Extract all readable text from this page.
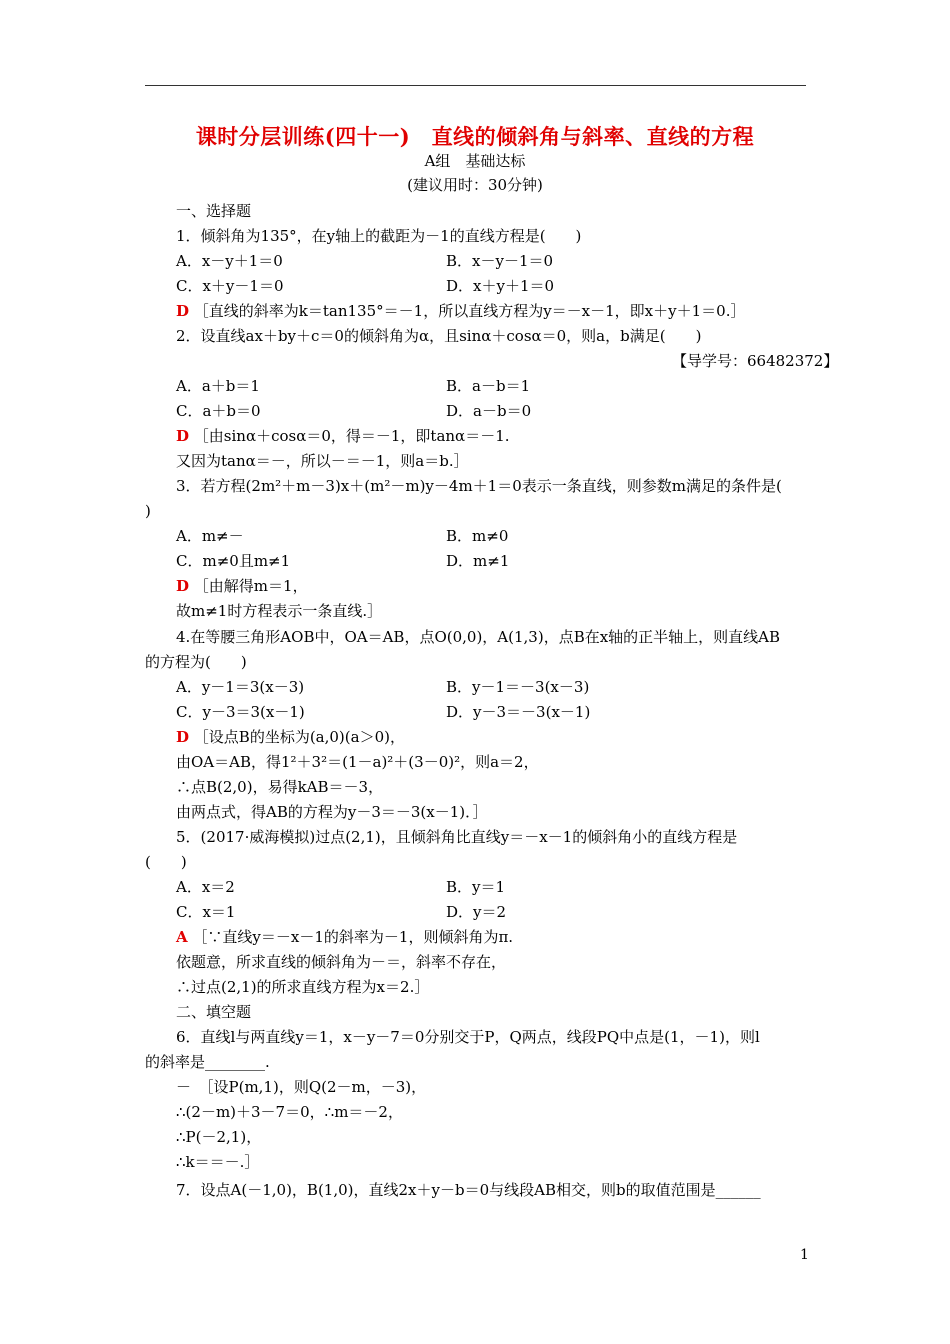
课时分层训练(四十一)　直线的倾斜角与斜率、直线的方程
A组　基础达标
(建议用时：30分钟)
一、选择题
1．倾斜角为135°，在y轴上的截距为－1的直线方程是(　　)
A．x－y＋1＝0	B．x－y－1＝0
C．x＋y－1＝0	D．x＋y＋1＝0
D ［直线的斜率为k＝tan135°＝－1，所以直线方程为y＝－x－1，即x＋y＋1＝0.］
2．设直线ax＋by＋c＝0的倾斜角为α，且sinα＋cosα＝0，则a，b满足(　　)
【导学号：66482372】
A．a＋b＝1	B．a－b＝1
C．a＋b＝0	D．a－b＝0
D ［由sinα＋cosα＝0，得＝－1，即tanα＝－1.
又因为tanα＝－，所以－＝－1，则a＝b.］
3．若方程(2m²＋m－3)x＋(m²－m)y－4m＋1＝0表示一条直线，则参数m满足的条件是(
)
A．m≠－	B．m≠0
C．m≠0且m≠1	D．m≠1
D ［由解得m＝1，
故m≠1时方程表示一条直线.］
4.在等腰三角形AOB中，OA＝AB，点O(0,0)，A(1,3)，点B在x轴的正半轴上，则直线AB
的方程为(　　)
A．y－1＝3(x－3)	B．y－1＝－3(x－3)
C．y－3＝3(x－1)	D．y－3＝－3(x－1)
D ［设点B的坐标为(a,0)(a＞0)，
由OA＝AB，得1²＋3²＝(1－a)²＋(3－0)²，则a＝2，
∴点B(2,0)，易得kAB＝－3，
由两点式，得AB的方程为y－3＝－3(x－1)．］
5．(2017·威海模拟)过点(2,1)，且倾斜角比直线y＝－x－1的倾斜角小的直线方程是
(　　)
A．x＝2	B．y＝1
C．x＝1	D．y＝2
A ［∵直线y＝－x－1的斜率为－1，则倾斜角为π.
依题意，所求直线的倾斜角为－＝，斜率不存在，
∴过点(2,1)的所求直线方程为x＝2.］
二、填空题
6．直线l与两直线y＝1，x－y－7＝0分别交于P，Q两点，线段PQ中点是(1，－1)，则l
的斜率是________.
－　［设P(m,1)，则Q(2－m，－3)，
∴(2－m)＋3－7＝0，∴m＝－2，
∴P(－2,1)，
∴k＝＝－.］
7．设点A(－1,0)，B(1,0)，直线2x＋y－b＝0与线段AB相交，则b的取值范围是______
1
